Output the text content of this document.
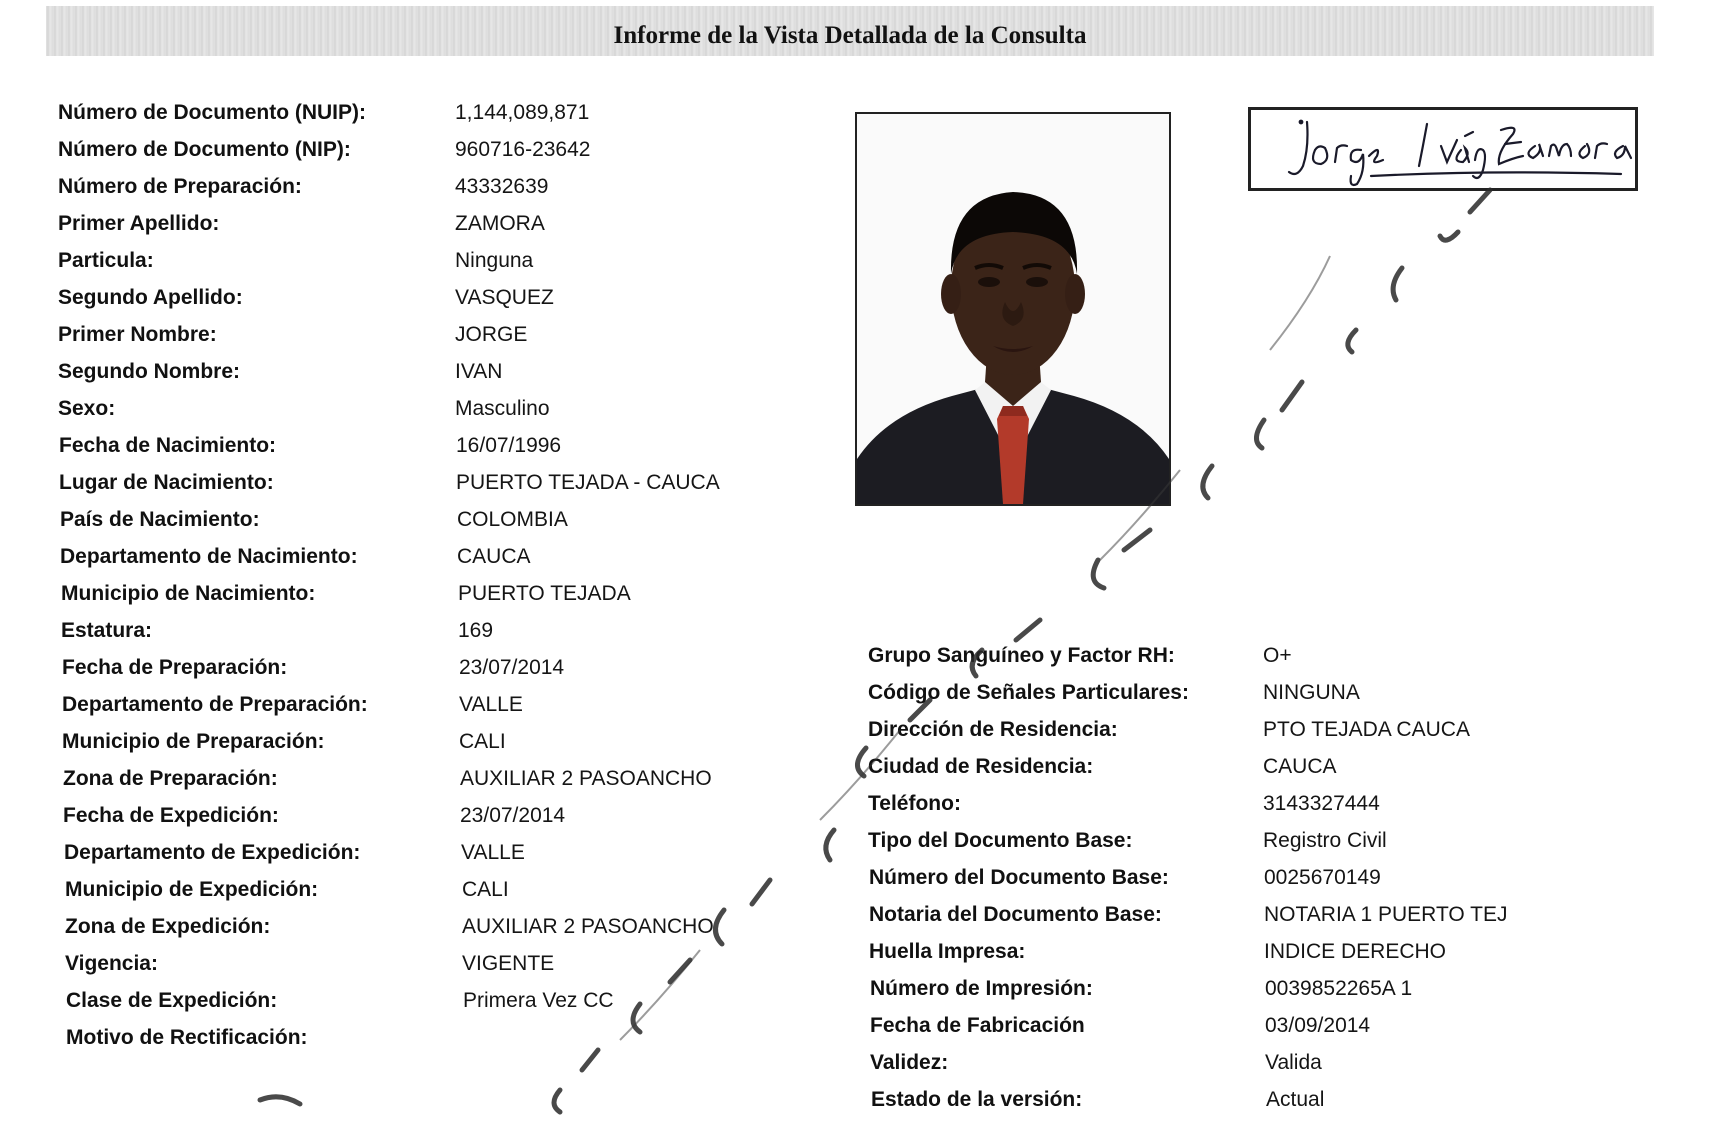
Informe de la Vista Detallada de la Consulta
Número de Documento (NUIP):	1,144,089,871
Número de Documento (NIP):	960716-23642
Número de Preparación:	43332639
Primer Apellido:	ZAMORA
Particula:	Ninguna
Segundo Apellido:	VASQUEZ
Primer Nombre:	JORGE
Segundo Nombre:	IVAN
Sexo:	Masculino
Fecha de Nacimiento:	16/07/1996
Lugar de Nacimiento:	PUERTO TEJADA - CAUCA
País de Nacimiento:	COLOMBIA
Departamento de Nacimiento:	CAUCA
Municipio de Nacimiento:	PUERTO TEJADA
Estatura:	169
Fecha de Preparación:	23/07/2014
Departamento de Preparación:	VALLE
Municipio de Preparación:	CALI
Zona de Preparación:	AUXILIAR 2 PASOANCHO
Fecha de Expedición:	23/07/2014
Departamento de Expedición:	VALLE
Municipio de Expedición:	CALI
Zona de Expedición:	AUXILIAR 2 PASOANCHO
Vigencia:	VIGENTE
Clase de Expedición:	Primera Vez CC
Motivo de Rectificación:
Grupo Sanguíneo y Factor RH:	O+
Código de Señales Particulares:	NINGUNA
Dirección de Residencia:	PTO TEJADA CAUCA
Ciudad de Residencia:	CAUCA
Teléfono:	3143327444
Tipo del Documento Base:	Registro Civil
Número del Documento Base:	0025670149
Notaria del Documento Base:	NOTARIA 1 PUERTO TEJ
Huella Impresa:	INDICE DERECHO
Número de Impresión:	0039852265A 1
Fecha de Fabricación	03/09/2014
Validez:	Valida
Estado de la versión:	Actual
